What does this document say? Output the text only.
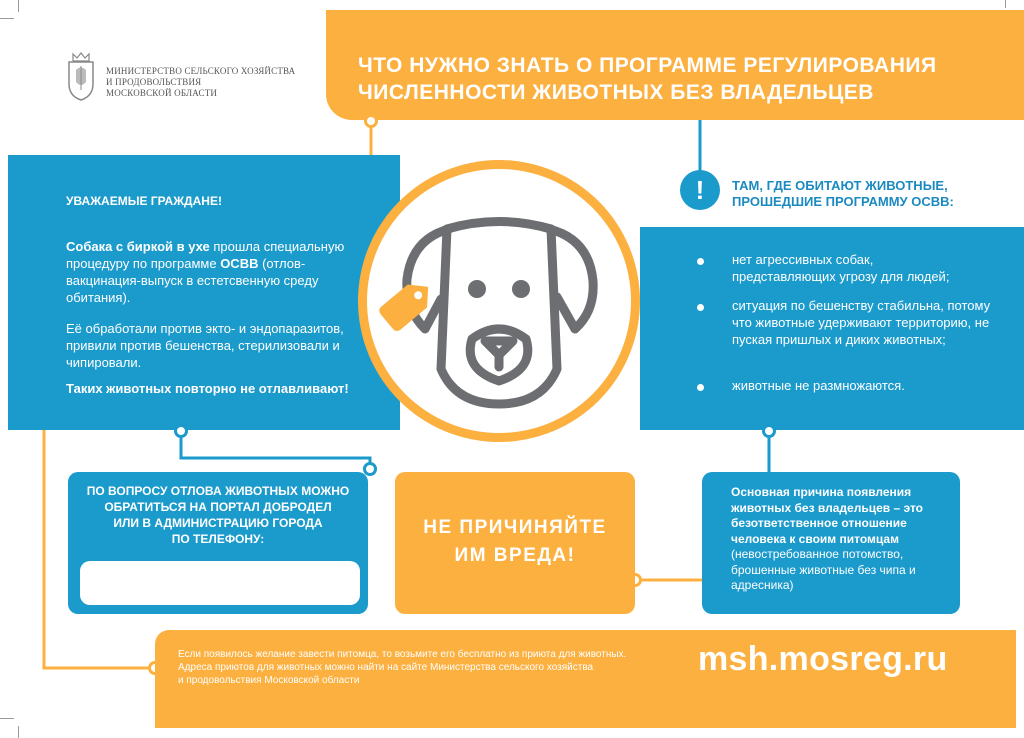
МИНИСТЕРСТВО СЕЛЬСКОГО ХОЗЯЙСТВА
И ПРОДОВОЛЬСТВИЯ
МОСКОВСКОЙ ОБЛАСТИ
ЧТО НУЖНО ЗНАТЬ О ПРОГРАММЕ РЕГУЛИРОВАНИЯ
ЧИСЛЕННОСТИ ЖИВОТНЫХ БЕЗ ВЛАДЕЛЬЦЕВ
УВАЖАЕМЫЕ ГРАЖДАНЕ!
Собака с биркой в ухе прошла специальную процедуру по программе ОСВВ (отлов-вакцинация-выпуск в естетсвенную среду обитания).
Её обработали против экто- и эндопаразитов, привили против бешенства, стерилизовали и чипировали.
Таких животных повторно не отлавливают!
!	ТАМ, ГДЕ ОБИТАЮТ ЖИВОТНЫЕ,
ПРОШЕДШИЕ ПРОГРАММУ ОСВВ:
нет агрессивных собак, представляющих угрозу для людей;
ситуация по бешенству стабильна, потому что животные удерживают территорию, не пуская пришлых и диких животных;
животные не размножаются.
ПО ВОПРОСУ ОТЛОВА ЖИВОТНЫХ МОЖНО
ОБРАТИТЬСЯ НА ПОРТАЛ ДОБРОДЕЛ
ИЛИ В АДМИНИСТРАЦИЮ ГОРОДА
ПО ТЕЛЕФОНУ:
НЕ ПРИЧИНЯЙТЕ
ИМ ВРЕДА!
Основная причина появления животных без владельцев – это безответственное отношение человека к своим питомцам (невостребованное потомство, брошенные животные без чипа и адресника)
Если появилось желание завести питомца, то возьмите его бесплатно из приюта для животных.
Адреса приютов для животных можно найти на сайте Министерства сельского хозяйства
и продовольствия Московской области
msh.mosreg.ru
